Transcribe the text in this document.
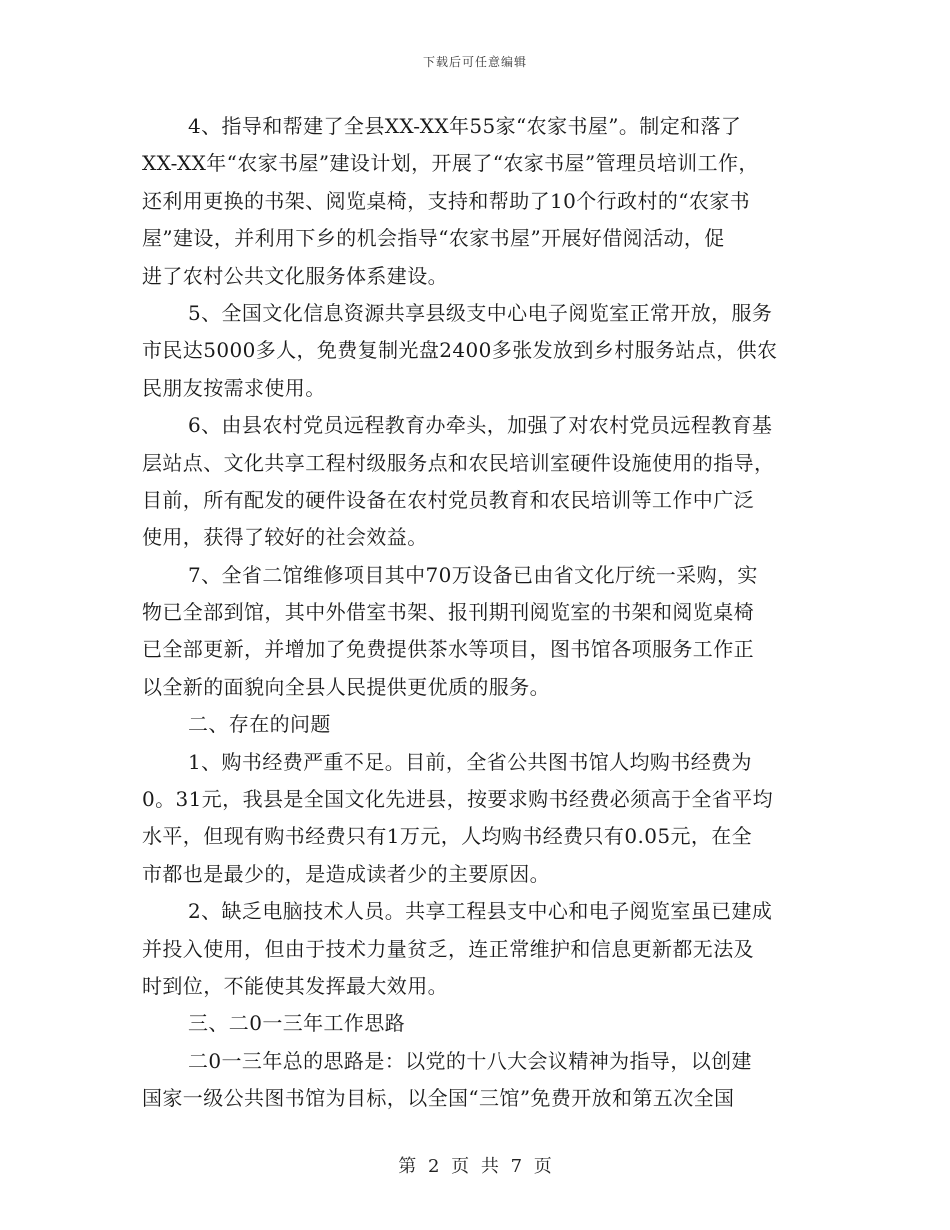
下载后可任意编辑
4、指导和帮建了全县XX-XX年55家“农家书屋”。制定和落了
XX-XX年“农家书屋”建设计划，开展了“农家书屋”管理员培训工作，
还利用更换的书架、阅览桌椅，支持和帮助了10个行政村的“农家书
屋”建设，并利用下乡的机会指导“农家书屋”开展好借阅活动，促
进了农村公共文化服务体系建设。
5、全国文化信息资源共享县级支中心电子阅览室正常开放，服务
市民达5000多人，免费复制光盘2400多张发放到乡村服务站点，供农
民朋友按需求使用。
6、由县农村党员远程教育办牵头，加强了对农村党员远程教育基
层站点、文化共享工程村级服务点和农民培训室硬件设施使用的指导，
目前，所有配发的硬件设备在农村党员教育和农民培训等工作中广泛
使用，获得了较好的社会效益。
7、全省二馆维修项目其中70万设备已由省文化厅统一采购，实
物已全部到馆，其中外借室书架、报刊期刊阅览室的书架和阅览桌椅
已全部更新，并增加了免费提供茶水等项目，图书馆各项服务工作正
以全新的面貌向全县人民提供更优质的服务。
二、存在的问题
1、购书经费严重不足。目前，全省公共图书馆人均购书经费为
0。31元，我县是全国文化先进县，按要求购书经费必须高于全省平均
水平，但现有购书经费只有1万元，人均购书经费只有0.05元，在全
市都也是最少的，是造成读者少的主要原因。
2、缺乏电脑技术人员。共享工程县支中心和电子阅览室虽已建成
并投入使用，但由于技术力量贫乏，连正常维护和信息更新都无法及
时到位，不能使其发挥最大效用。
三、二0一三年工作思路
二0一三年总的思路是：以党的十八大会议精神为指导，以创建
国家一级公共图书馆为目标，以全国“三馆”免费开放和第五次全国
第 2 页 共 7 页
